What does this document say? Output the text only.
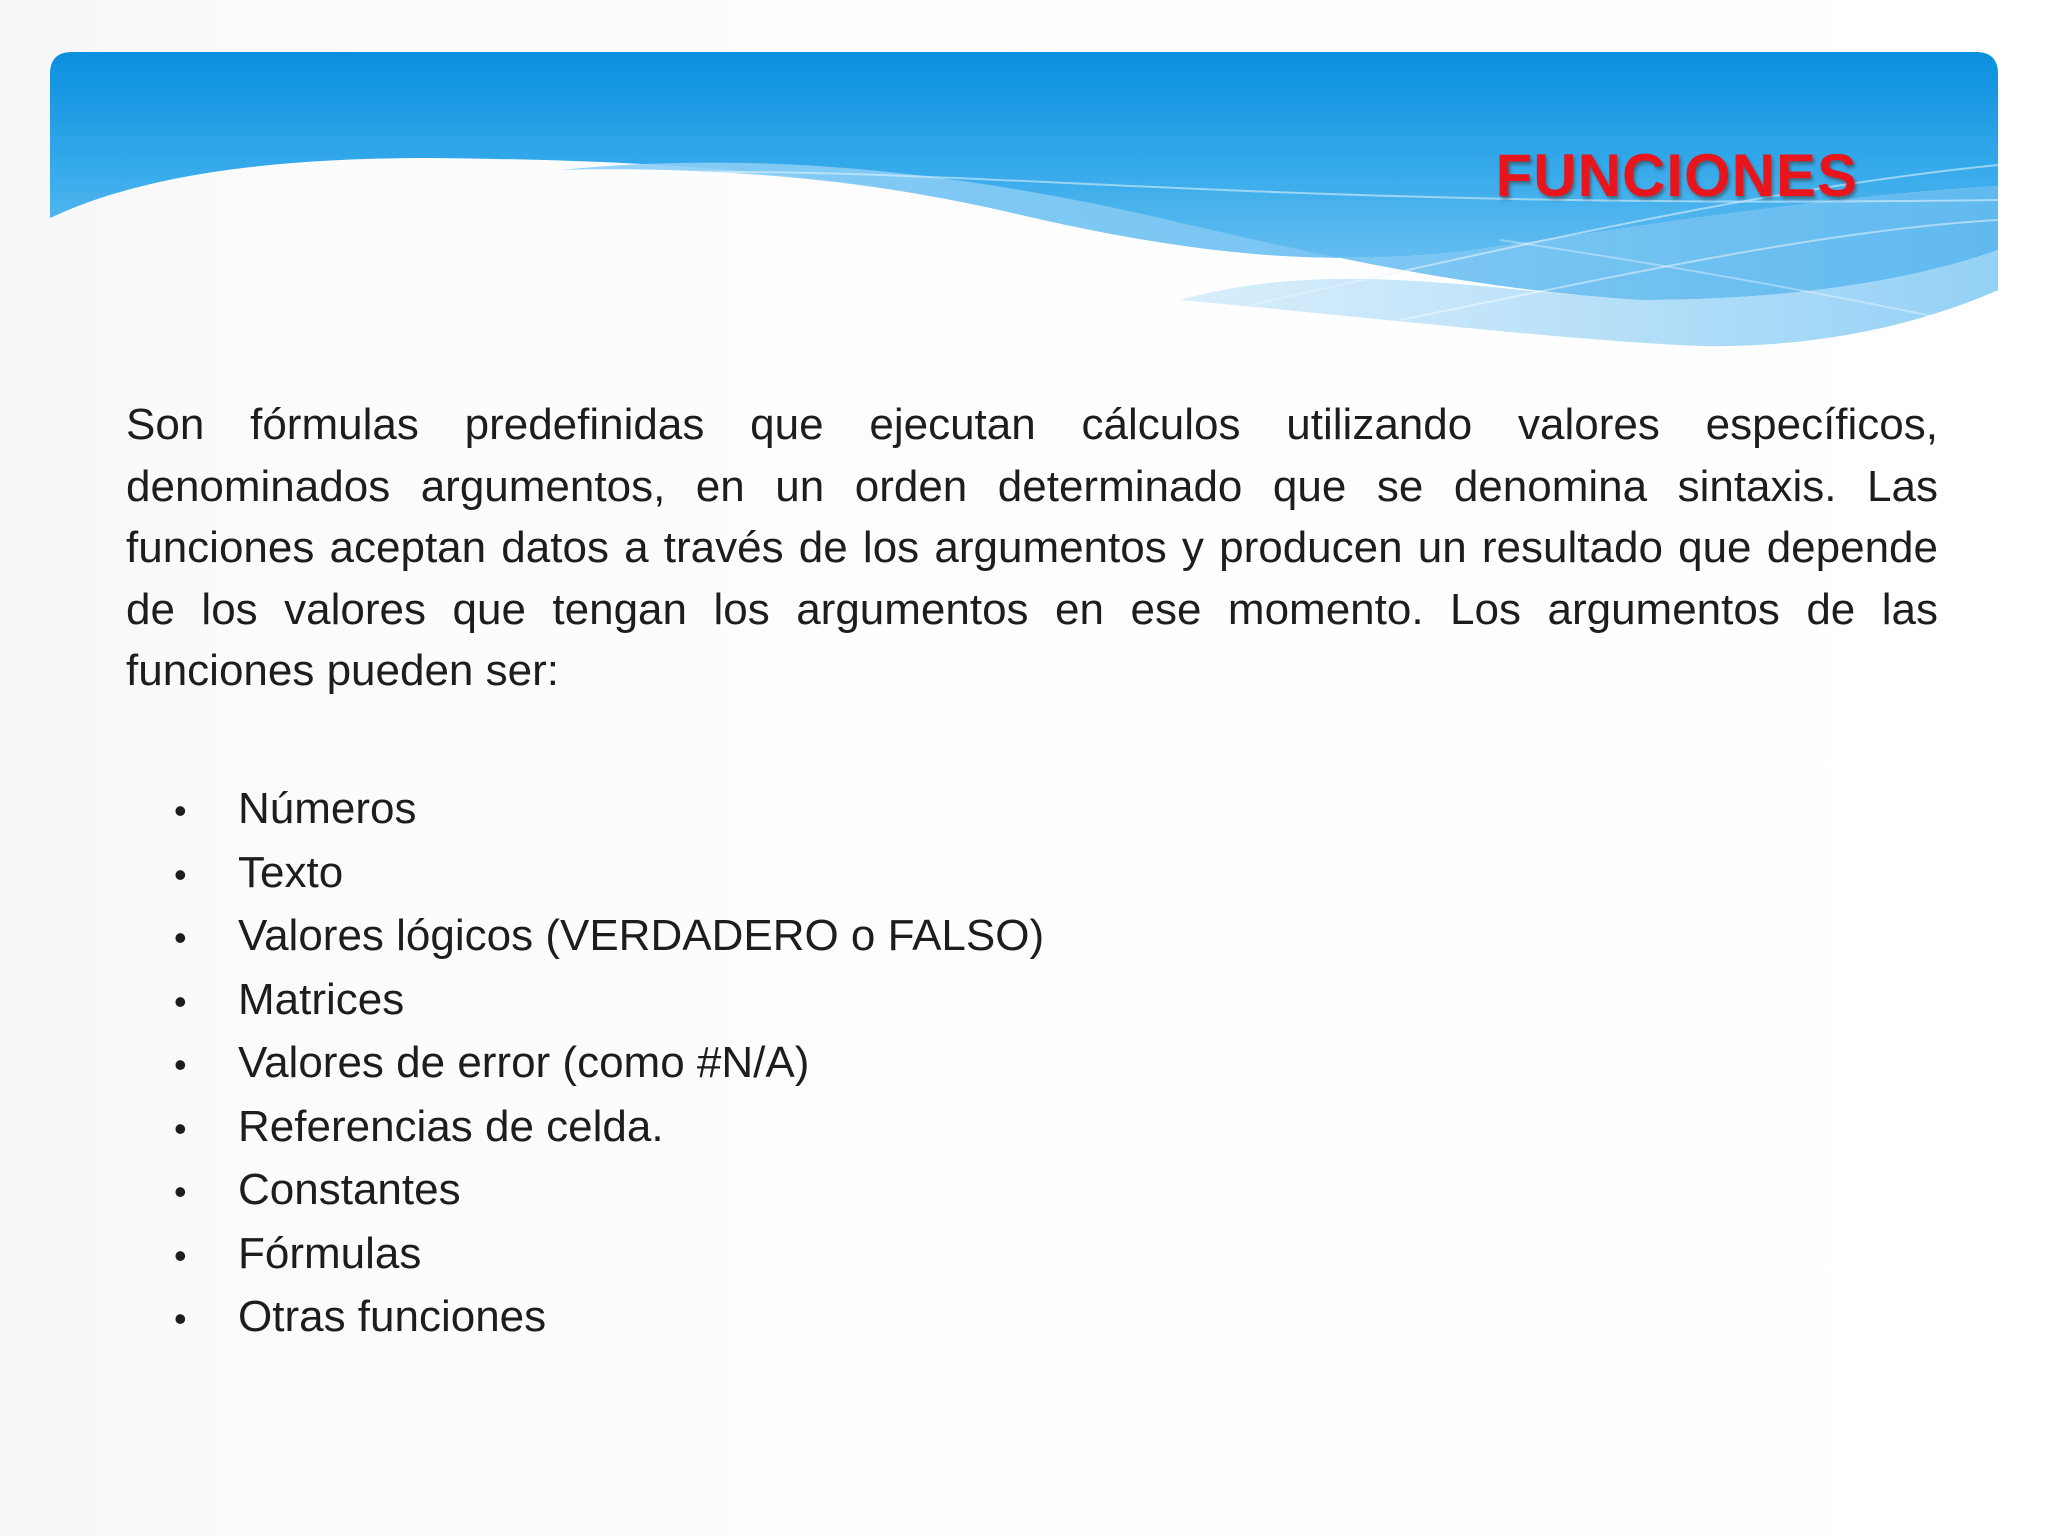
FUNCIONES

Son fórmulas predefinidas que ejecutan cálculos utilizando valores específicos, denominados argumentos, en un orden determinado que se denomina sintaxis. Las funciones aceptan datos a través de los argumentos y producen un resultado que depende de los valores que tengan los argumentos en ese momento. Los argumentos de las funciones pueden ser:

•	Números
•	Texto
•	Valores lógicos (VERDADERO o FALSO)
•	Matrices
•	Valores de error (como #N/A)
•	Referencias de celda.
•	Constantes
•	Fórmulas
•	Otras funciones
